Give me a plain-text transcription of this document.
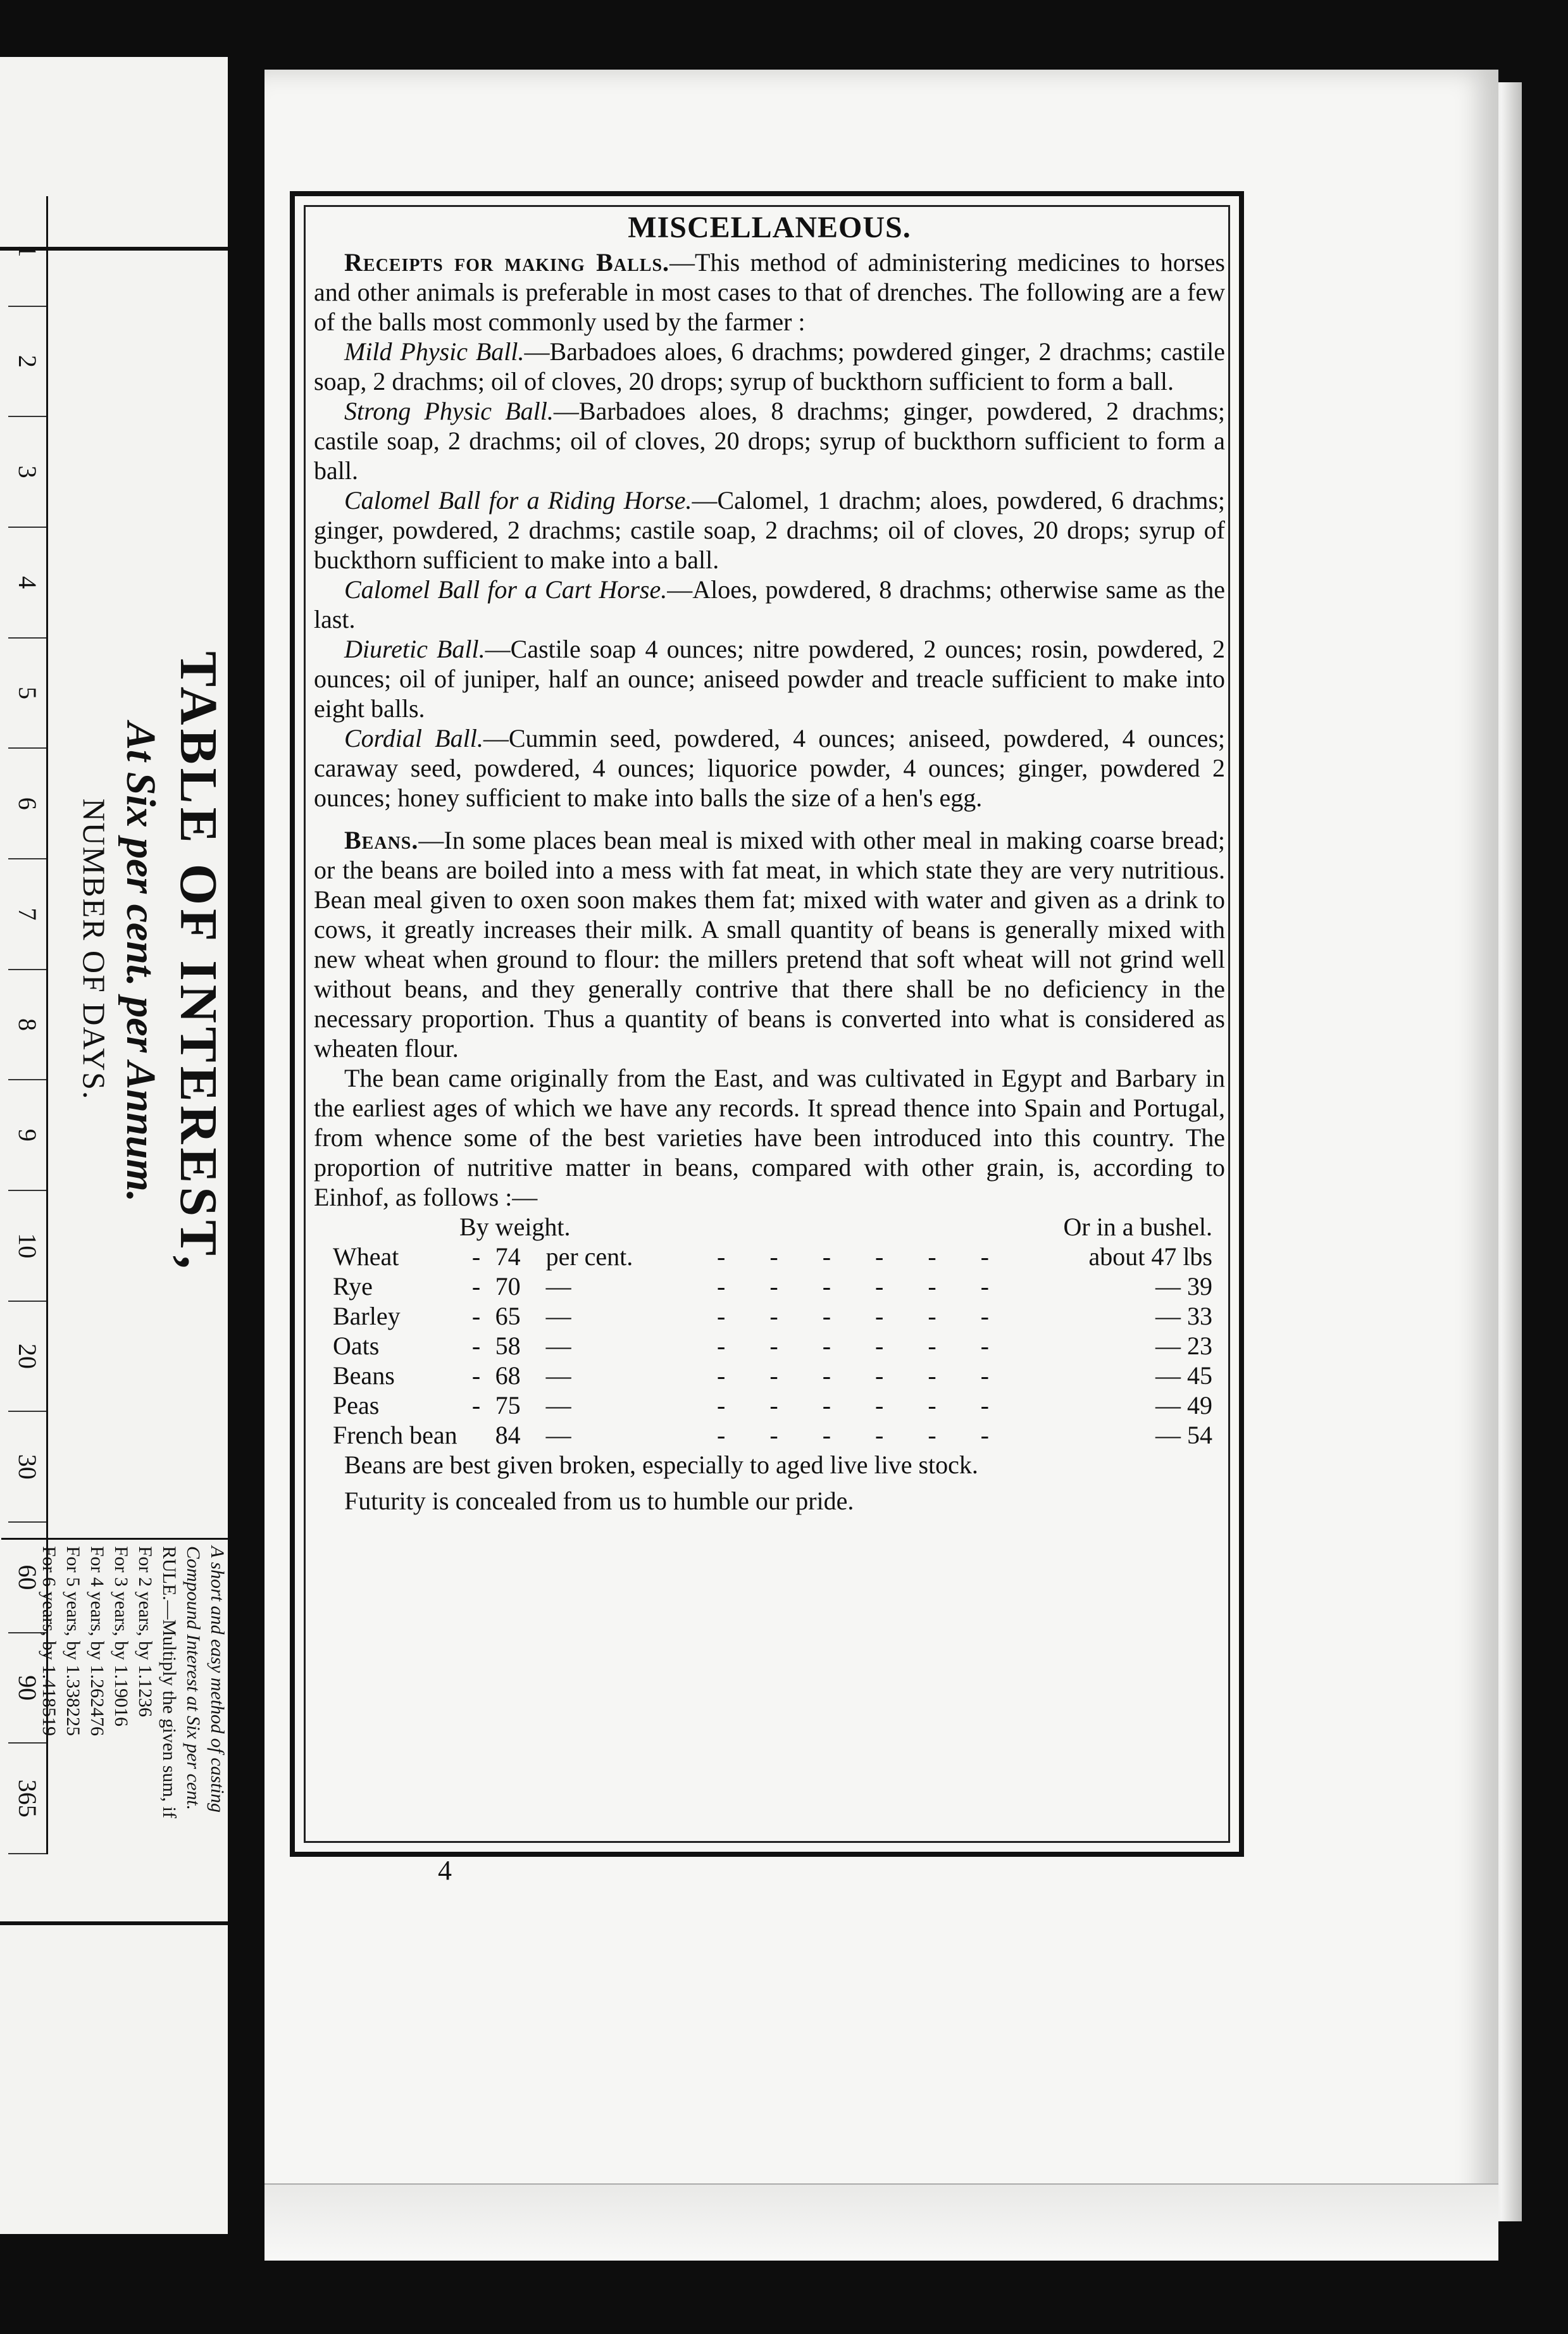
TABLE OF INTEREST,
At Six per cent. per Annum.
NUMBER OF DAYS.
1
2
3
4
5
6
7
8
9
10
20
30
60
90
365	A short and easy method of casting Compound Interest at Six per cent.
RULE.—Multiply the given sum, if
For 2 years, by 1.1236
For 3 years, by 1.19016
For 4 years, by 1.262476
For 5 years, by 1.338225
For 6 years, by 1.418519
MISCELLANEOUS.

Receipts for making Balls.—This method of administering medicines to horses and other animals is preferable in most cases to that of drenches. The following are a few of the balls most commonly used by the farmer :

Mild Physic Ball.—Barbadoes aloes, 6 drachms; powdered ginger, 2 drachms; castile soap, 2 drachms; oil of cloves, 20 drops; syrup of buckthorn sufficient to form a ball.

Strong Physic Ball.—Barbadoes aloes, 8 drachms; ginger, powdered, 2 drachms; castile soap, 2 drachms; oil of cloves, 20 drops; syrup of buckthorn sufficient to form a ball.

Calomel Ball for a Riding Horse.—Calomel, 1 drachm; aloes, powdered, 6 drachms; ginger, powdered, 2 drachms; castile soap, 2 drachms; oil of cloves, 20 drops; syrup of buckthorn sufficient to make into a ball.

Calomel Ball for a Cart Horse.—Aloes, powdered, 8 drachms; otherwise same as the last.

Diuretic Ball.—Castile soap 4 ounces; nitre powdered, 2 ounces; rosin, powdered, 2 ounces; oil of juniper, half an ounce; aniseed powder and treacle sufficient to make into eight balls.

Cordial Ball.—Cummin seed, powdered, 4 ounces; aniseed, powdered, 4 ounces; caraway seed, powdered, 4 ounces; liquorice powder, 4 ounces; ginger, powdered 2 ounces; honey sufficient to make into balls the size of a hen's egg.

Beans.—In some places bean meal is mixed with other meal in making coarse bread; or the beans are boiled into a mess with fat meat, in which state they are very nutritious. Bean meal given to oxen soon makes them fat; mixed with water and given as a drink to cows, it greatly increases their milk. A small quantity of beans is generally mixed with new wheat when ground to flour: the millers pretend that soft wheat will not grind well without beans, and they generally contrive that there shall be no deficiency in the necessary proportion. Thus a quantity of beans is converted into what is considered as wheaten flour.

The bean came originally from the East, and was cultivated in Egypt and Barbary in the earliest ages of which we have any records. It spread thence into Spain and Portugal, from whence some of the best varieties have been introduced into this country. The proportion of nutritive matter in beans, compared with other grain, is, according to Einhof, as follows :—

By weight.				Or in a bushel.	
Wheat	-	74	per cent.	- - - - - -	about 47 lbs
Rye	-	70	—	- - - - - -	— 39
Barley	-	65	—	- - - - - -	— 33
Oats	-	58	—	- - - - - -	— 23
Beans	-	68	—	- - - - - -	— 45
Peas	-	75	—	- - - - - -	— 49
French bean		84	—	- - - - - -	— 54

Beans are best given broken, especially to aged live live stock.

Futurity is concealed from us to humble our pride.

4
